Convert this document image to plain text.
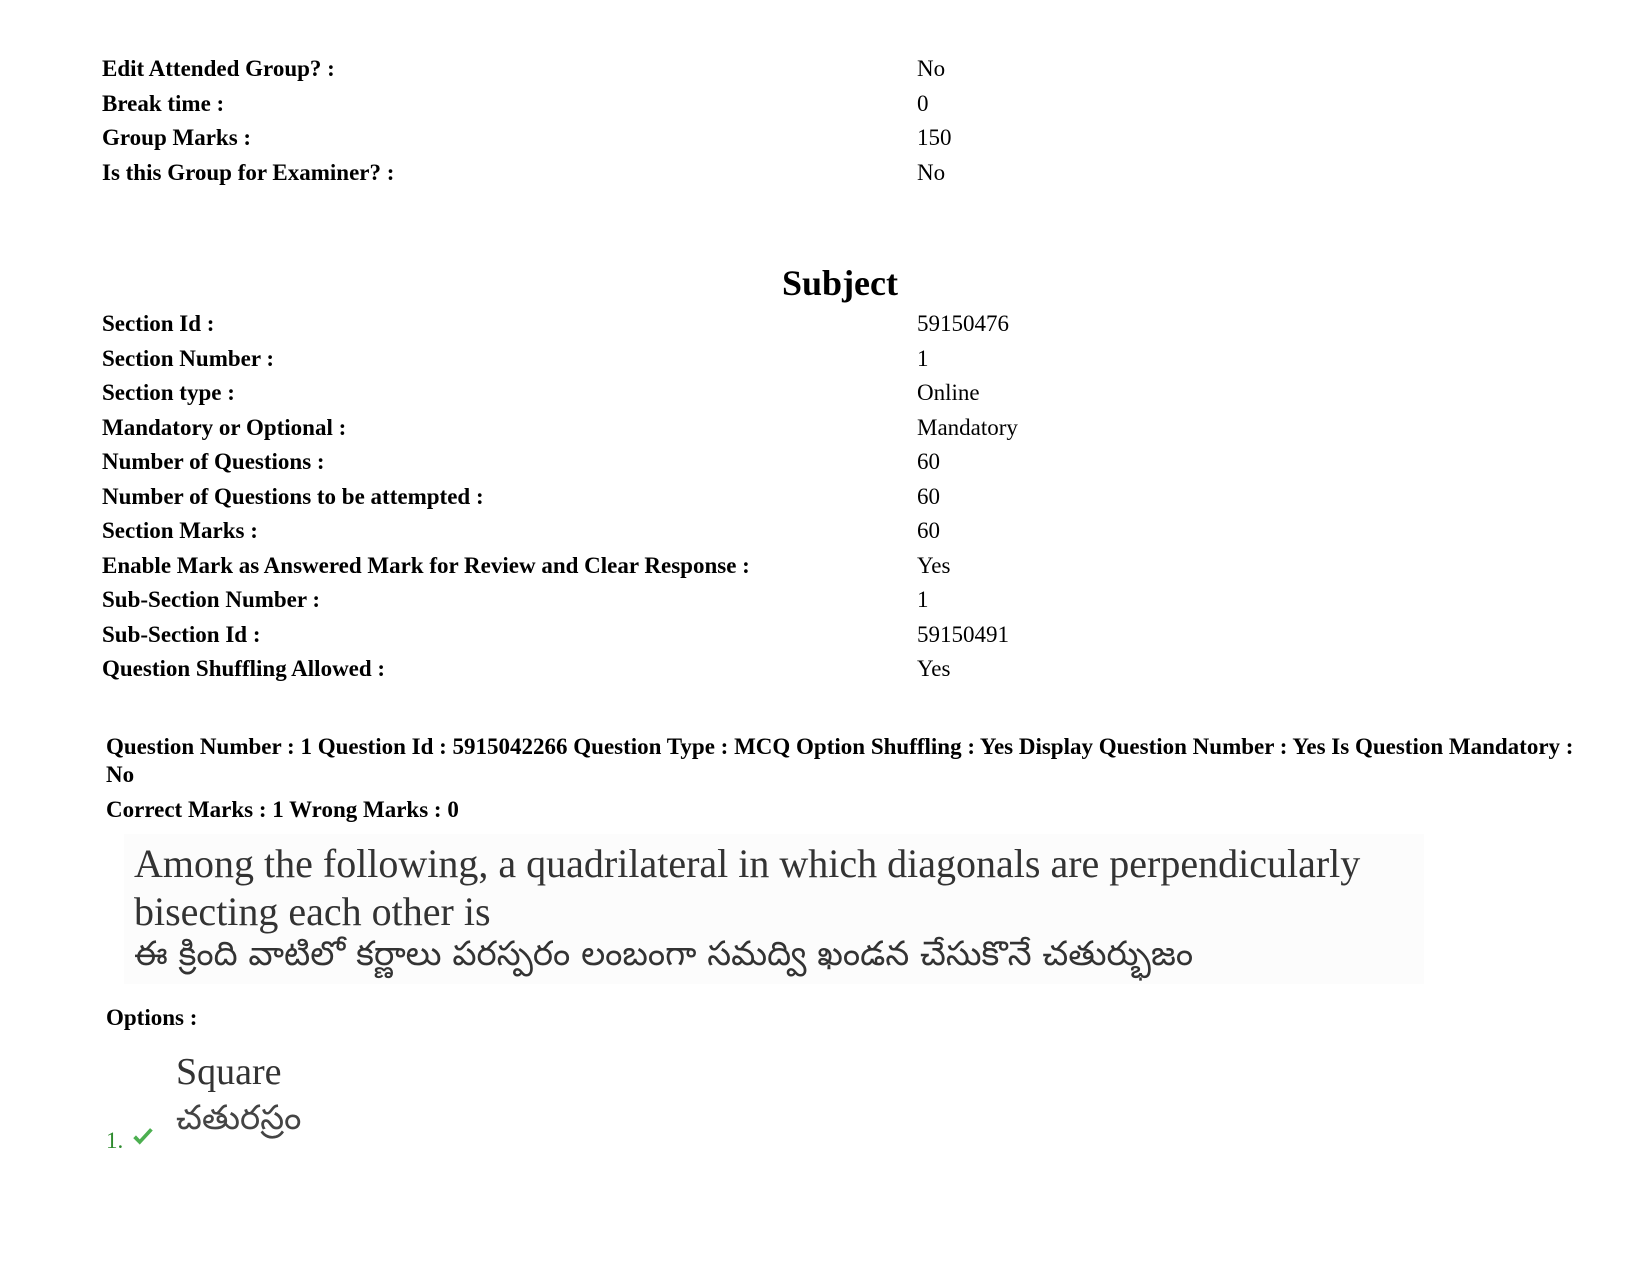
Edit Attended Group? :	No
Break time :	0
Group Marks :	150
Is this Group for Examiner? :	No
Subject
Section Id :	59150476
Section Number :	1
Section type :	Online
Mandatory or Optional :	Mandatory
Number of Questions :	60
Number of Questions to be attempted :	60
Section Marks :	60
Enable Mark as Answered Mark for Review and Clear Response :	Yes
Sub-Section Number :	1
Sub-Section Id :	59150491
Question Shuffling Allowed :	Yes
Question Number : 1 Question Id : 5915042266 Question Type : MCQ Option Shuffling : Yes Display Question Number : Yes Is Question Mandatory : No
Correct Marks : 1 Wrong Marks : 0
Among the following, a quadrilateral in which diagonals are perpendicularly
bisecting each other is
ఈ క్రింది వాటిలో కర్ణాలు పరస్పరం లంబంగా సమద్వి ఖండన చేసుకొనే చతుర్భుజం
Options :
1.
Square
చతురస్రం
